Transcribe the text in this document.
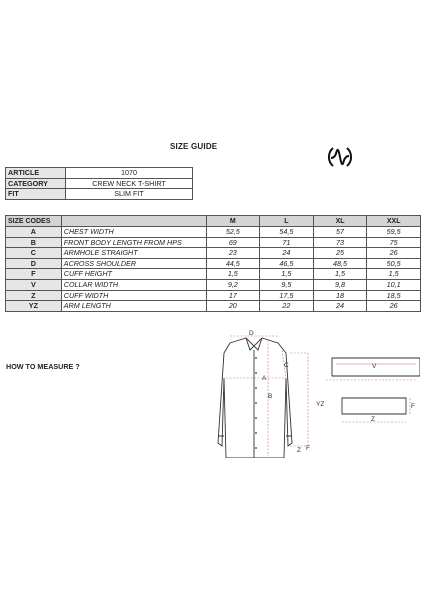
SIZE GUIDE
ARTICLE	1070
CATEGORY	CREW NECK T-SHIRT
FIT	SLIM FIT
SIZE CODES		M	L	XL	XXL
A	CHEST WIDTH	52,5	54,5	57	59,5
B	FRONT BODY LENGTH FROM HPS	69	71	73	75
C	ARMHOLE STRAIGHT	23	24	25	26
D	ACROSS SHOULDER	44,5	46,5	48,5	50,5
F	CUFF HEIGHT	1,5	1,5	1,5	1,5
V	COLLAR WIDTH	9,2	9,5	9,8	10,1
Z	CUFF WIDTH	17	17,5	18	18,5
YZ	ARM LENGTH	20	22	24	26
HOW TO MEASURE ?
D
A
B
C
YZ
Z F
V
Z
F
